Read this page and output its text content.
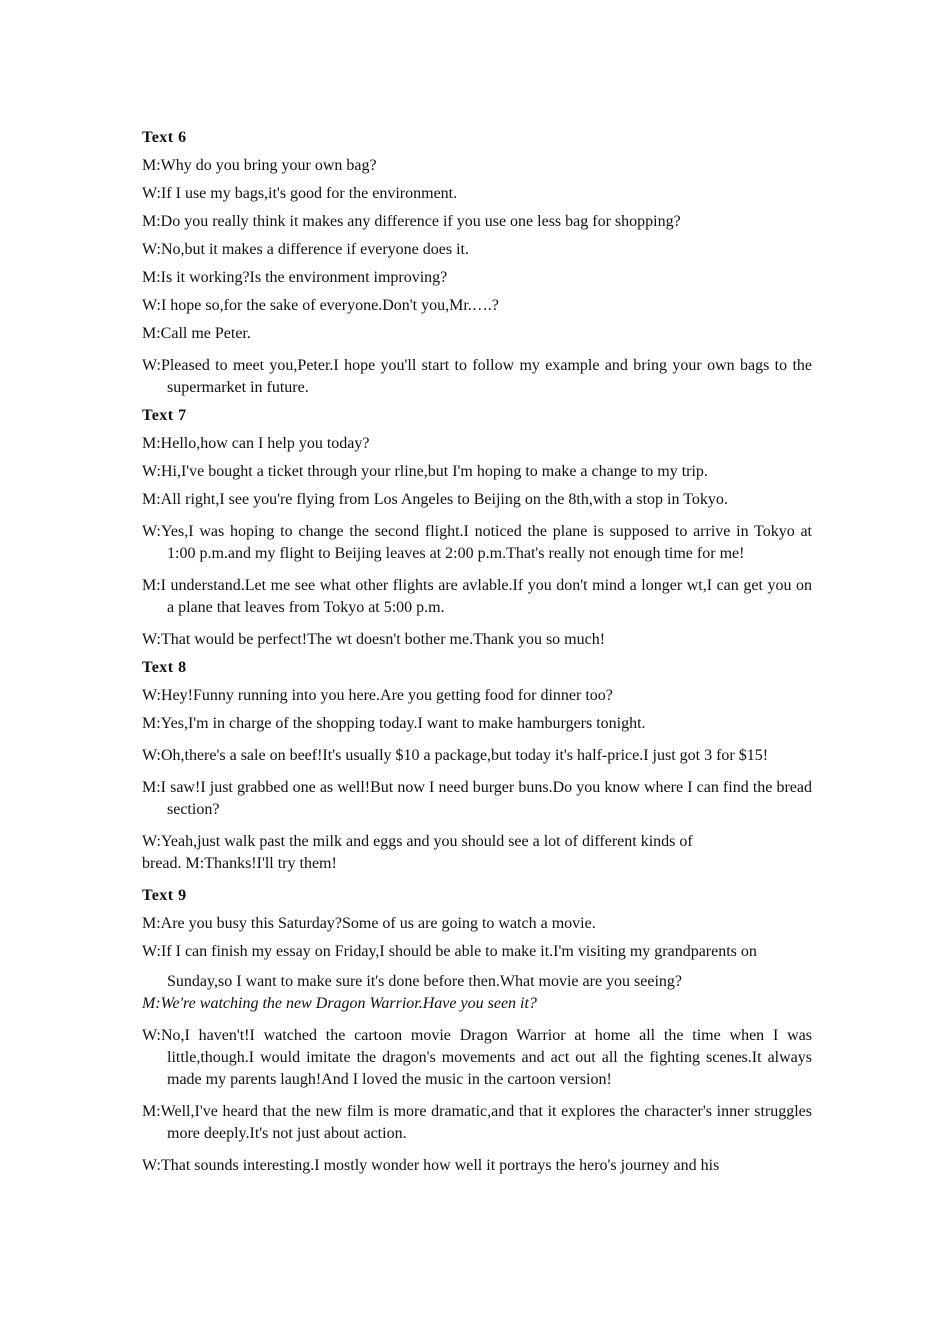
Text 6
M:Why do you bring your own bag?
W:If I use my bags,it's good for the environment.
M:Do you really think it makes any difference if you use one less bag for shopping?
W:No,but it makes a difference if everyone does it.
M:Is it working?Is the environment improving?
W:I hope so,for the sake of everyone.Don't you,Mr.….?
M:Call me Peter.
W:Pleased to meet you,Peter.I hope you'll start to follow my example and bring your own bags to the supermarket in future.
Text 7
M:Hello,how can I help you today?
W:Hi,I've bought a ticket through your rline,but I'm hoping to make a change to my trip.
M:All right,I see you're flying from Los Angeles to Beijing on the 8th,with a stop in Tokyo.
W:Yes,I was hoping to change the second flight.I noticed the plane is supposed to arrive in Tokyo at 1:00 p.m.and my flight to Beijing leaves at 2:00 p.m.That's really not enough time for me!
M:I understand.Let me see what other flights are avlable.If you don't mind a longer wt,I can get you on a plane that leaves from Tokyo at 5:00 p.m.
W:That would be perfect!The wt doesn't bother me.Thank you so much!
Text 8
W:Hey!Funny running into you here.Are you getting food for dinner too?
M:Yes,I'm in charge of the shopping today.I want to make hamburgers tonight.
W:Oh,there's a sale on beef!It's usually $10 a package,but today it's half-price.I just got 3 for $15!
M:I saw!I just grabbed one as well!But now I need burger buns.Do you know where I can find the bread section?
W:Yeah,just walk past the milk and eggs and you should see a lot of different kinds of
bread. M:Thanks!I'll try them!
Text 9
M:Are you busy this Saturday?Some of us are going to watch a movie.
W:If I can finish my essay on Friday,I should be able to make it.I'm visiting my grandparents on
Sunday,so I want to make sure it's done before then.What movie are you seeing?
M:We're watching the new Dragon Warrior.Have you seen it?
W:No,I haven't!I watched the cartoon movie Dragon Warrior at home all the time when I was little,though.I would imitate the dragon's movements and act out all the fighting scenes.It always made my parents laugh!And I loved the music in the cartoon version!
M:Well,I've heard that the new film is more dramatic,and that it explores the character's inner struggles more deeply.It's not just about action.
W:That sounds interesting.I mostly wonder how well it portrays the hero's journey and his
